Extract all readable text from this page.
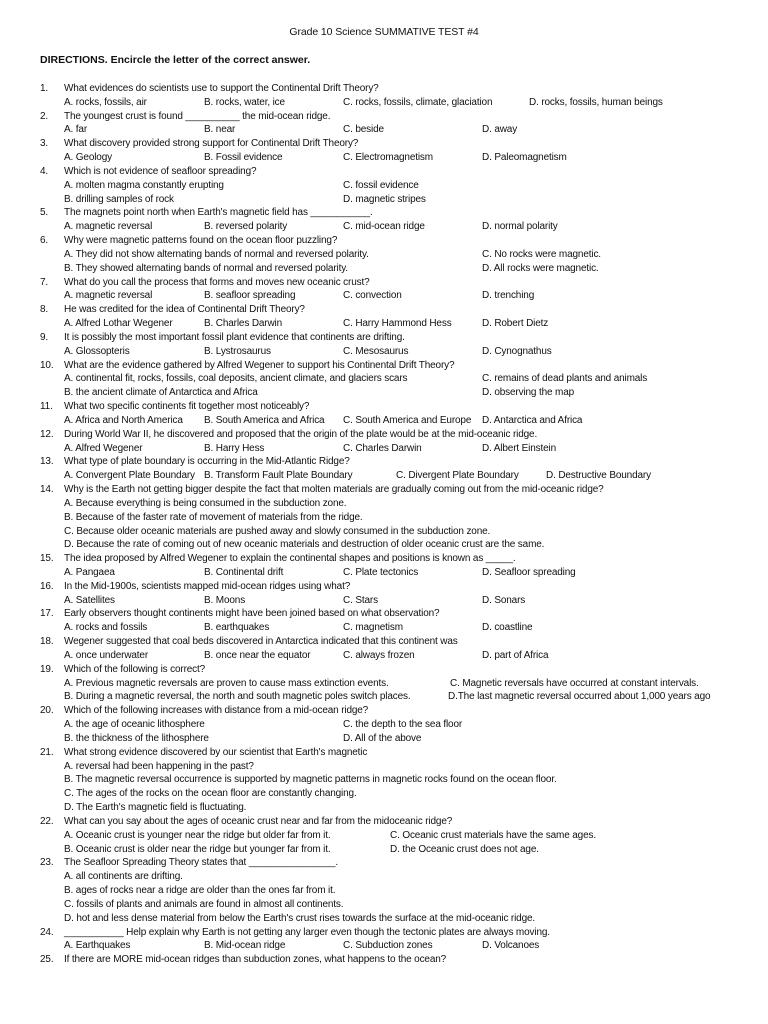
Grade 10 Science SUMMATIVE TEST #4
DIRECTIONS. Encircle the letter of the correct answer.
1. What evidences do scientists use to support the Continental Drift Theory?
A. rocks, fossils, air	B. rocks, water, ice	C. rocks, fossils, climate, glaciation	D. rocks, fossils, human beings
2. The youngest crust is found __________ the mid-ocean ridge.
A. far	B. near	C. beside	D. away
3. What discovery provided strong support for Continental Drift Theory?
A. Geology	B. Fossil evidence	C. Electromagnetism	D. Paleomagnetism
4. Which is not evidence of seafloor spreading?
A. molten magma constantly erupting	C. fossil evidence
B. drilling samples of rock	D. magnetic stripes
5. The magnets point north when Earth's magnetic field has ___________.
A. magnetic reversal	B. reversed polarity	C. mid-ocean ridge	D. normal polarity
6. Why were magnetic patterns found on the ocean floor puzzling?
A. They did not show alternating bands of normal and reversed polarity.	C. No rocks were magnetic.
B. They showed alternating bands of normal and reversed polarity.	D. All rocks were magnetic.
7. What do you call the process that forms and moves new oceanic crust?
A. magnetic reversal	B. seafloor spreading	C. convection	D. trenching
8. He was credited for the idea of Continental Drift Theory?
A. Alfred Lothar Wegener	B. Charles Darwin	C. Harry Hammond Hess	D. Robert Dietz
9. It is possibly the most important fossil plant evidence that continents are drifting.
A. Glossopteris	B. Lystrosaurus	C. Mesosaurus	D. Cynognathus
10. What are the evidence gathered by Alfred Wegener to support his Continental Drift Theory?
A. continental fit, rocks, fossils, coal deposits, ancient climate, and glaciers scars	C. remains of dead plants and animals
B. the ancient climate of Antarctica and Africa	D. observing the map
11. What two specific continents fit together most noticeably?
A. Africa and North America B. South America and Africa C. South America and Europe D. Antarctica and Africa
12. During World War II, he discovered and proposed that the origin of the plate would be at the mid-oceanic ridge.
A. Alfred Wegener	B. Harry Hess	C. Charles Darwin	D. Albert Einstein
13. What type of plate boundary is occurring in the Mid-Atlantic Ridge?
A. Convergent Plate Boundary B. Transform Fault Plate Boundary	C. Divergent Plate Boundary	D. Destructive Boundary
14. Why is the Earth not getting bigger despite the fact that molten materials are gradually coming out from the mid-oceanic ridge?
A. Because everything is being consumed in the subduction zone.
B. Because of the faster rate of movement of materials from the ridge.
C. Because older oceanic materials are pushed away and slowly consumed in the subduction zone.
D. Because the rate of coming out of new oceanic materials and destruction of older oceanic crust are the same.
15. The idea proposed by Alfred Wegener to explain the continental shapes and positions is known as _____.
A. Pangaea	B. Continental drift	C. Plate tectonics	D. Seafloor spreading
16. In the Mid-1900s, scientists mapped mid-ocean ridges using what?
A. Satellites	B. Moons	C. Stars	D. Sonars
17. Early observers thought continents might have been joined based on what observation?
A. rocks and fossils	B. earthquakes	C. magnetism	D. coastline
18. Wegener suggested that coal beds discovered in Antarctica indicated that this continent was
A. once underwater	B. once near the equator	C. always frozen	D. part of Africa
19. Which of the following is correct?
A. Previous magnetic reversals are proven to cause mass extinction events.	C. Magnetic reversals have occurred at constant intervals.
B. During a magnetic reversal, the north and south magnetic poles switch places.	D.The last magnetic reversal occurred about 1,000 years ago
20. Which of the following increases with distance from a mid-ocean ridge?
A. the age of oceanic lithosphere	C. the depth to the sea floor
B. the thickness of the lithosphere	D. All of the above
21. What strong evidence discovered by our scientist that Earth's magnetic
A. reversal had been happening in the past?
B. The magnetic reversal occurrence is supported by magnetic patterns in magnetic rocks found on the ocean floor.
C. The ages of the rocks on the ocean floor are constantly changing.
D. The Earth's magnetic field is fluctuating.
22. What can you say about the ages of oceanic crust near and far from the midoceanic ridge?
A. Oceanic crust is younger near the ridge but older far from it.	C. Oceanic crust materials have the same ages.
B. Oceanic crust is older near the ridge but younger far from it.	D. the Oceanic crust does not age.
23. The Seafloor Spreading Theory states that ________________.
A. all continents are drifting.
B. ages of rocks near a ridge are older than the ones far from it.
C. fossils of plants and animals are found in almost all continents.
D. hot and less dense material from below the Earth's crust rises towards the surface at the mid-oceanic ridge.
24. ___________ Help explain why Earth is not getting any larger even though the tectonic plates are always moving.
A. Earthquakes	B. Mid-ocean ridge	C. Subduction zones	D. Volcanoes
25. If there are MORE mid-ocean ridges than subduction zones, what happens to the ocean?
